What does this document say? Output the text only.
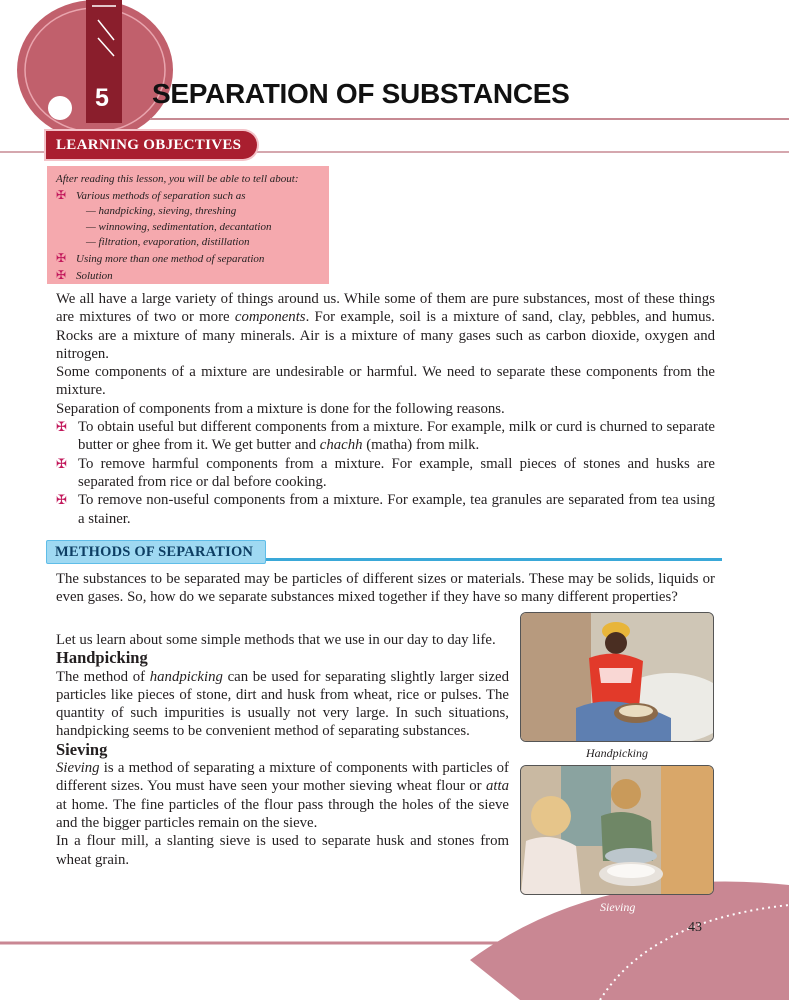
5 SEPARATION OF SUBSTANCES
LEARNING OBJECTIVES
After reading this lesson, you will be able to tell about:
✠ Various methods of separation such as
— handpicking, sieving, threshing
— winnowing, sedimentation, decantation
— filtration, evaporation, distillation
✠ Using more than one method of separation
✠ Solution

We all have a large variety of things around us. While some of them are pure substances, most of these things are mixtures of two or more components. For example, soil is a mixture of sand, clay, pebbles, and humus. Rocks are a mixture of many minerals. Air is a mixture of many gases such as carbon dioxide, oxygen and nitrogen.

Some components of a mixture are undesirable or harmful. We need to separate these components from the mixture.

Separation of components from a mixture is done for the following reasons.

✠ To obtain useful but different components from a mixture. For example, milk or curd is churned to separate butter or ghee from it. We get butter and chachh (matha) from milk.

✠ To remove harmful components from a mixture. For example, small pieces of stones and husks are separated from rice or dal before cooking.

✠ To remove non-useful components from a mixture. For example, tea granules are separated from tea using a stainer.

METHODS OF SEPARATION

The substances to be separated may be particles of different sizes or materials. These may be solids, liquids or even gases. So, how do we separate substances mixed together if they have so many different properties?

Let us learn about some simple methods that we use in our day to day life.

Handpicking

The method of handpicking can be used for separating slightly larger sized particles like pieces of stone, dirt and husk from wheat, rice or pulses. The quantity of such impurities is usually not very large. In such situations, handpicking seems to be convenient method of separating substances.

Sieving

Sieving is a method of separating a mixture of components with particles of different sizes. You must have seen your mother sieving wheat flour or atta at home. The fine particles of the flour pass through the holes of the sieve and the bigger particles remain on the sieve.

In a flour mill, a slanting sieve is used to separate husk and stones from wheat grain.

Handpicking
Sieving
43
